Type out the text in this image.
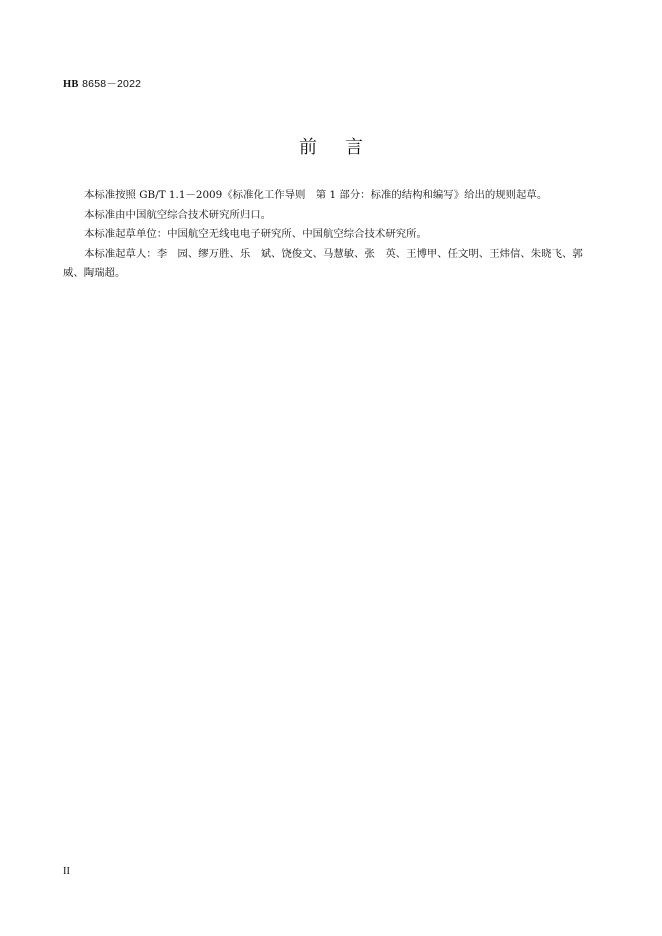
HB 8658－2022
前言

本标准按照 GB/T 1.1－2009《标准化工作导则　第 1 部分：标准的结构和编写》给出的规则起草。

本标准由中国航空综合技术研究所归口。

本标准起草单位：中国航空无线电电子研究所、中国航空综合技术研究所。

本标准起草人：李　园、缪万胜、乐　斌、饶俊文、马慧敏、张　英、王博甲、任文明、王炜信、朱晓飞、郭　威、陶瑞超。

II
